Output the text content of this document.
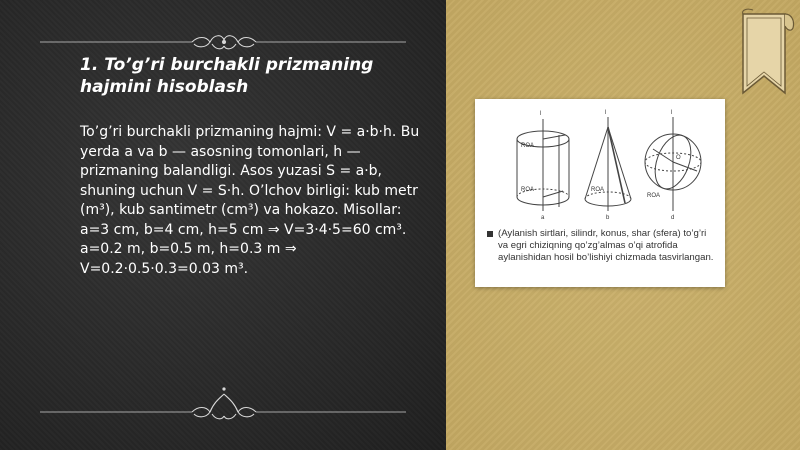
1. To’g’ri burchakli prizmaning hajmini hisoblash

To’g’ri burchakli prizmaning hajmi: V = a·b·h. Bu yerda a va b — asosning tomonlari, h — prizmaning balandligi. Asos yuzasi S = a·b, shuning uchun V = S·h. O’lchov birligi: kub metr (m³), kub santimetr (cm³) va hokazo. Misollar: a=3 cm, b=4 cm, h=5 cm ⇒ V=3·4·5=60 cm³. a=0.2 m, b=0.5 m, h=0.3 m ⇒ V=0.2·0.5·0.3=0.03 m³.

l	l	l
ROA
ROA	ROA
ROA
O
a	b	d

(Aylanish sirtlari, silindr, konus, shar (sfera) to’g’ri va egri chiziqning qo’zg’almas o’qi atrofida aylanishidan hosil bo’lishiyi chizmada tasvirlangan.
